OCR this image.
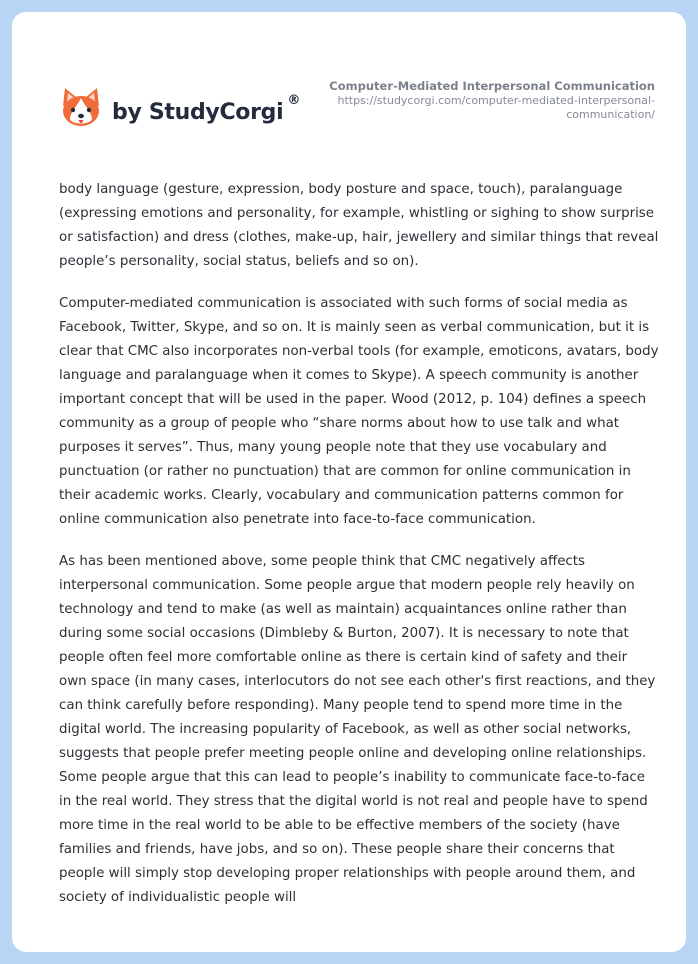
by StudyCorgi ®
Computer-Mediated Interpersonal Communication
https://studycorgi.com/computer-mediated-interpersonal-communication/

body language (gesture, expression, body posture and space, touch), paralanguage (expressing emotions and personality, for example, whistling or sighing to show surprise or satisfaction) and dress (clothes, make-up, hair, jewellery and similar things that reveal people’s personality, social status, beliefs and so on).

Computer-mediated communication is associated with such forms of social media as Facebook, Twitter, Skype, and so on. It is mainly seen as verbal communication, but it is clear that CMC also incorporates non-verbal tools (for example, emoticons, avatars, body language and paralanguage when it comes to Skype). A speech community is another important concept that will be used in the paper. Wood (2012, p. 104) defines a speech community as a group of people who “share norms about how to use talk and what purposes it serves”. Thus, many young people note that they use vocabulary and punctuation (or rather no punctuation) that are common for online communication in their academic works. Clearly, vocabulary and communication patterns common for online communication also penetrate into face-to-face communication.

As has been mentioned above, some people think that CMC negatively affects interpersonal communication. Some people argue that modern people rely heavily on technology and tend to make (as well as maintain) acquaintances online rather than during some social occasions (Dimbleby & Burton, 2007). It is necessary to note that people often feel more comfortable online as there is certain kind of safety and their own space (in many cases, interlocutors do not see each other's first reactions, and they can think carefully before responding). Many people tend to spend more time in the digital world. The increasing popularity of Facebook, as well as other social networks, suggests that people prefer meeting people online and developing online relationships. Some people argue that this can lead to people’s inability to communicate face-to-face in the real world. They stress that the digital world is not real and people have to spend more time in the real world to be able to be effective members of the society (have families and friends, have jobs, and so on). These people share their concerns that people will simply stop developing proper relationships with people around them, and society of individualistic people will
